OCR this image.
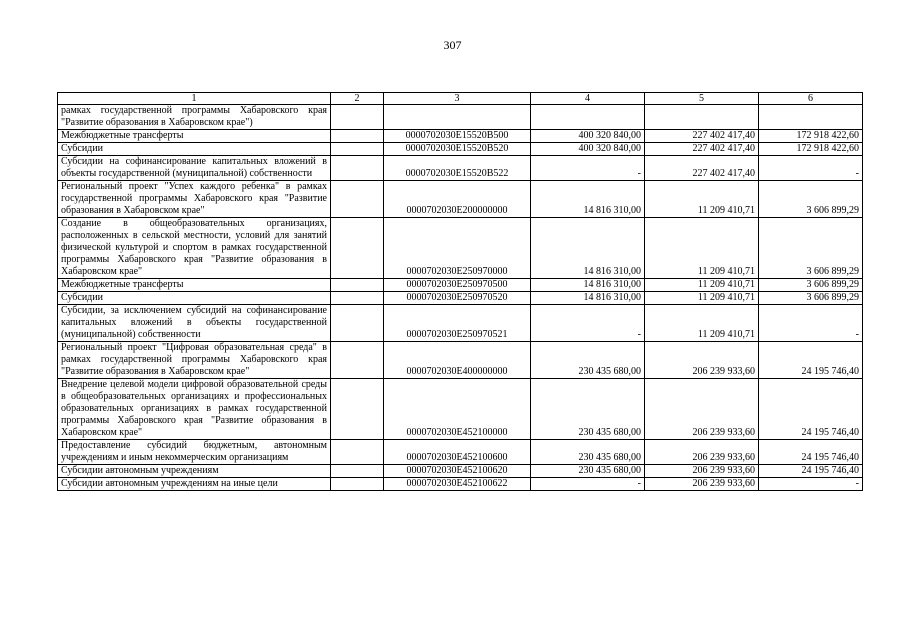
307
1	2	3	4	5	6
рамках государственной программы Хабаровского края "Развитие образования в Хабаровском крае")					
Межбюджетные трансферты		0000702030E15520B500	400 320 840,00	227 402 417,40	172 918 422,60
Субсидии		0000702030E15520B520	400 320 840,00	227 402 417,40	172 918 422,60
Субсидии на софинансирование капитальных вложений в объекты государственной (муниципальной) собственности		0000702030E15520B522	-	227 402 417,40	-
Региональный проект "Успех каждого ребенка" в рамках государственной программы Хабаровского края "Развитие образования в Хабаровском крае"		0000702030E200000000	14 816 310,00	11 209 410,71	3 606 899,29
Создание в общеобразовательных организациях, расположенных в сельской местности, условий для занятий физической культурой и спортом в рамках государственной программы Хабаровского края "Развитие образования в Хабаровском крае"		0000702030E250970000	14 816 310,00	11 209 410,71	3 606 899,29
Межбюджетные трансферты		0000702030E250970500	14 816 310,00	11 209 410,71	3 606 899,29
Субсидии		0000702030E250970520	14 816 310,00	11 209 410,71	3 606 899,29
Субсидии, за исключением субсидий на софинансирование капитальных вложений в объекты государственной (муниципальной) собственности		0000702030E250970521	-	11 209 410,71	-
Региональный проект "Цифровая образовательная среда" в рамках государственной программы Хабаровского края "Развитие образования в Хабаровском крае"		0000702030E400000000	230 435 680,00	206 239 933,60	24 195 746,40
Внедрение целевой модели цифровой образовательной среды в общеобразовательных организациях и профессиональных образовательных организациях в рамках государственной программы Хабаровского края "Развитие образования в Хабаровском крае"		0000702030E452100000	230 435 680,00	206 239 933,60	24 195 746,40
Предоставление субсидий бюджетным, автономным учреждениям и иным некоммерческим организациям		0000702030E452100600	230 435 680,00	206 239 933,60	24 195 746,40
Субсидии автономным учреждениям		0000702030E452100620	230 435 680,00	206 239 933,60	24 195 746,40
Субсидии автономным учреждениям на иные цели		0000702030E452100622	-	206 239 933,60	-
